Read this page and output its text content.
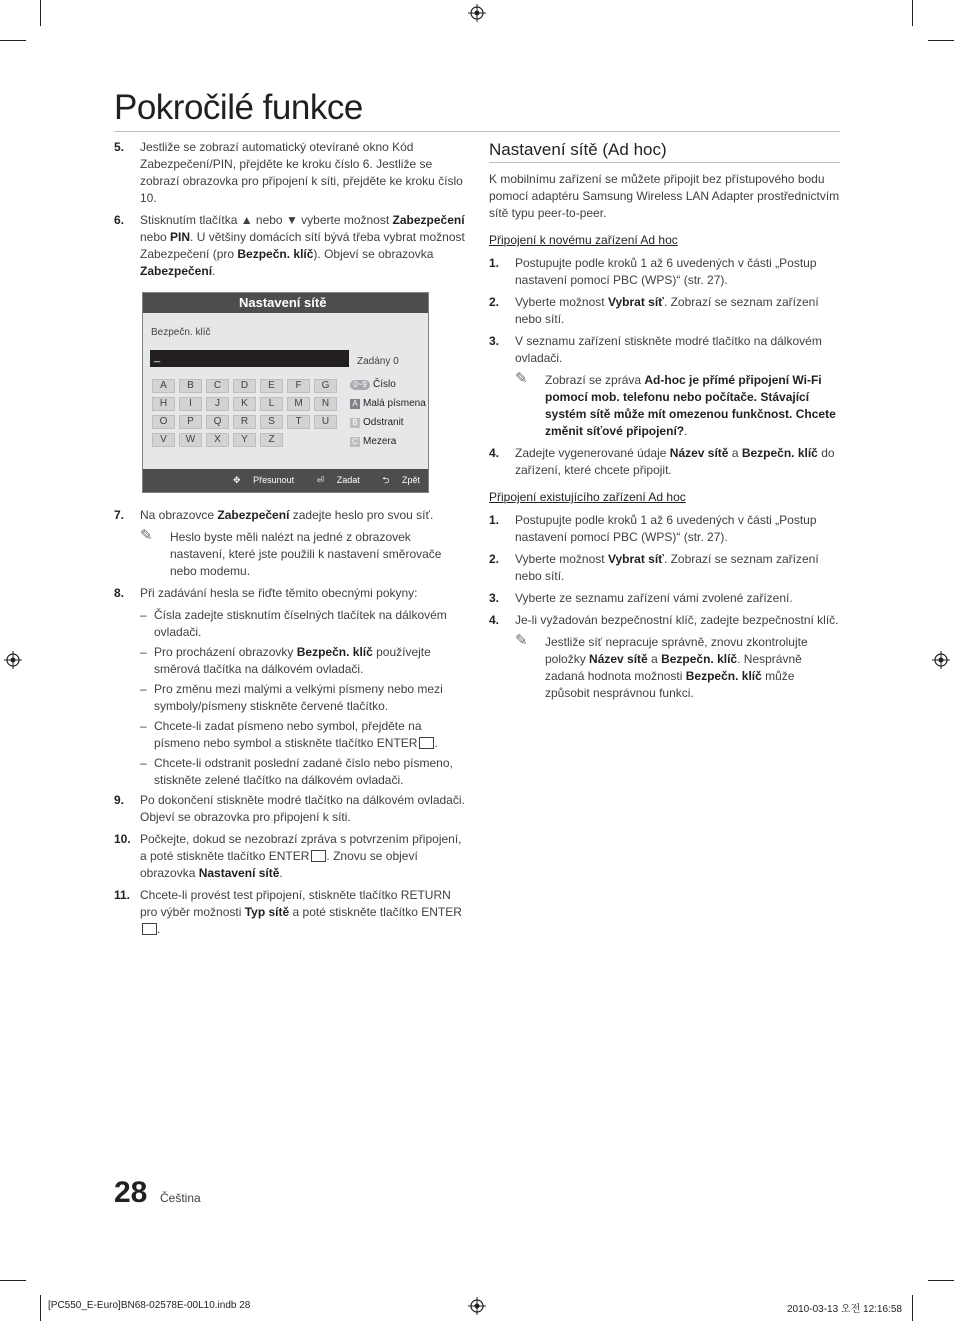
Pokročilé funkce
5.	Jestliže se zobrazí automatický otevírané okno Kód Zabezpečení/PIN, přejděte ke kroku číslo 6. Jestliže se zobrazí obrazovka pro připojení k síti, přejděte ke kroku číslo 10.
6.	Stisknutím tlačítka ▲ nebo ▼ vyberte možnost Zabezpečení nebo PIN. U většiny domácích sítí bývá třeba vybrat možnost Zabezpečení (pro Bezpečn. klíč). Objeví se obrazovka Zabezpečení.
Nastavení sítě
Bezpečn. klíč
_	Zadány 0
A	B	C	D	E	F	G
H	I	J	K	L	M	N
O	P	Q	R	S	T	U
V	W	X	Y	Z
0~9 Číslo
A Malá písmena
B Odstranit
C Mezera
✥ Přesunout	⏎ Zadat	⮌ Zpět
7.	Na obrazovce Zabezpečení zadejte heslo pro svou síť.
✎	Heslo byste měli nalézt na jedné z obrazovek nastavení, které jste použili k nastavení směrovače nebo modemu.
8.	Při zadávání hesla se řiďte těmito obecnými pokyny:
– Čísla zadejte stisknutím číselných tlačítek na dálkovém ovladači.
– Pro procházení obrazovky Bezpečn. klíč používejte směrová tlačítka na dálkovém ovladači.
– Pro změnu mezi malými a velkými písmeny nebo mezi symboly/písmeny stiskněte červené tlačítko.
– Chcete-li zadat písmeno nebo symbol, přejděte na písmeno nebo symbol a stiskněte tlačítko ENTER .
– Chcete-li odstranit poslední zadané číslo nebo písmeno, stiskněte zelené tlačítko na dálkovém ovladači.
9.	Po dokončení stiskněte modré tlačítko na dálkovém ovladači. Objeví se obrazovka pro připojení k síti.
10. Počkejte, dokud se nezobrazí zpráva s potvrzením připojení, a poté stiskněte tlačítko ENTER . Znovu se objeví obrazovka Nastavení sítě.
11. Chcete-li provést test připojení, stiskněte tlačítko RETURN pro výběr možnosti Typ sítě a poté stiskněte tlačítko ENTER.
Nastavení sítě (Ad hoc)
K mobilnímu zařízení se můžete připojit bez přístupového bodu pomocí adaptéru Samsung Wireless LAN Adapter prostřednictvím sítě typu peer-to-peer.
Připojení k novému zařízení Ad hoc
1.	Postupujte podle kroků 1 až 6 uvedených v části „Postup nastavení pomocí PBC (WPS)“ (str. 27).
2.	Vyberte možnost Vybrat síť. Zobrazí se seznam zařízení nebo sítí.
3.	V seznamu zařízení stiskněte modré tlačítko na dálkovém ovladači.
✎	Zobrazí se zpráva Ad-hoc je přímé připojení Wi-Fi pomocí mob. telefonu nebo počítače. Stávající systém sítě může mít omezenou funkčnost. Chcete změnit síťové připojení?.
4.	Zadejte vygenerované údaje Název sítě a Bezpečn. klíč do zařízení, které chcete připojit.
Připojení existujícího zařízení Ad hoc
1.	Postupujte podle kroků 1 až 6 uvedených v části „Postup nastavení pomocí PBC (WPS)“ (str. 27).
2.	Vyberte možnost Vybrat síť. Zobrazí se seznam zařízení nebo sítí.
3.	Vyberte ze seznamu zařízení vámi zvolené zařízení.
4.	Je-li vyžadován bezpečnostní klíč, zadejte bezpečnostní klíč.
✎	Jestliže síť nepracuje správně, znovu zkontrolujte položky Název sítě a Bezpečn. klíč. Nesprávně zadaná hodnota možnosti Bezpečn. klíč může způsobit nesprávnou funkci.
28 Čeština
[PC550_E-Euro]BN68-02578E-00L10.indb 28	2010-03-13 오전 12:16:58
